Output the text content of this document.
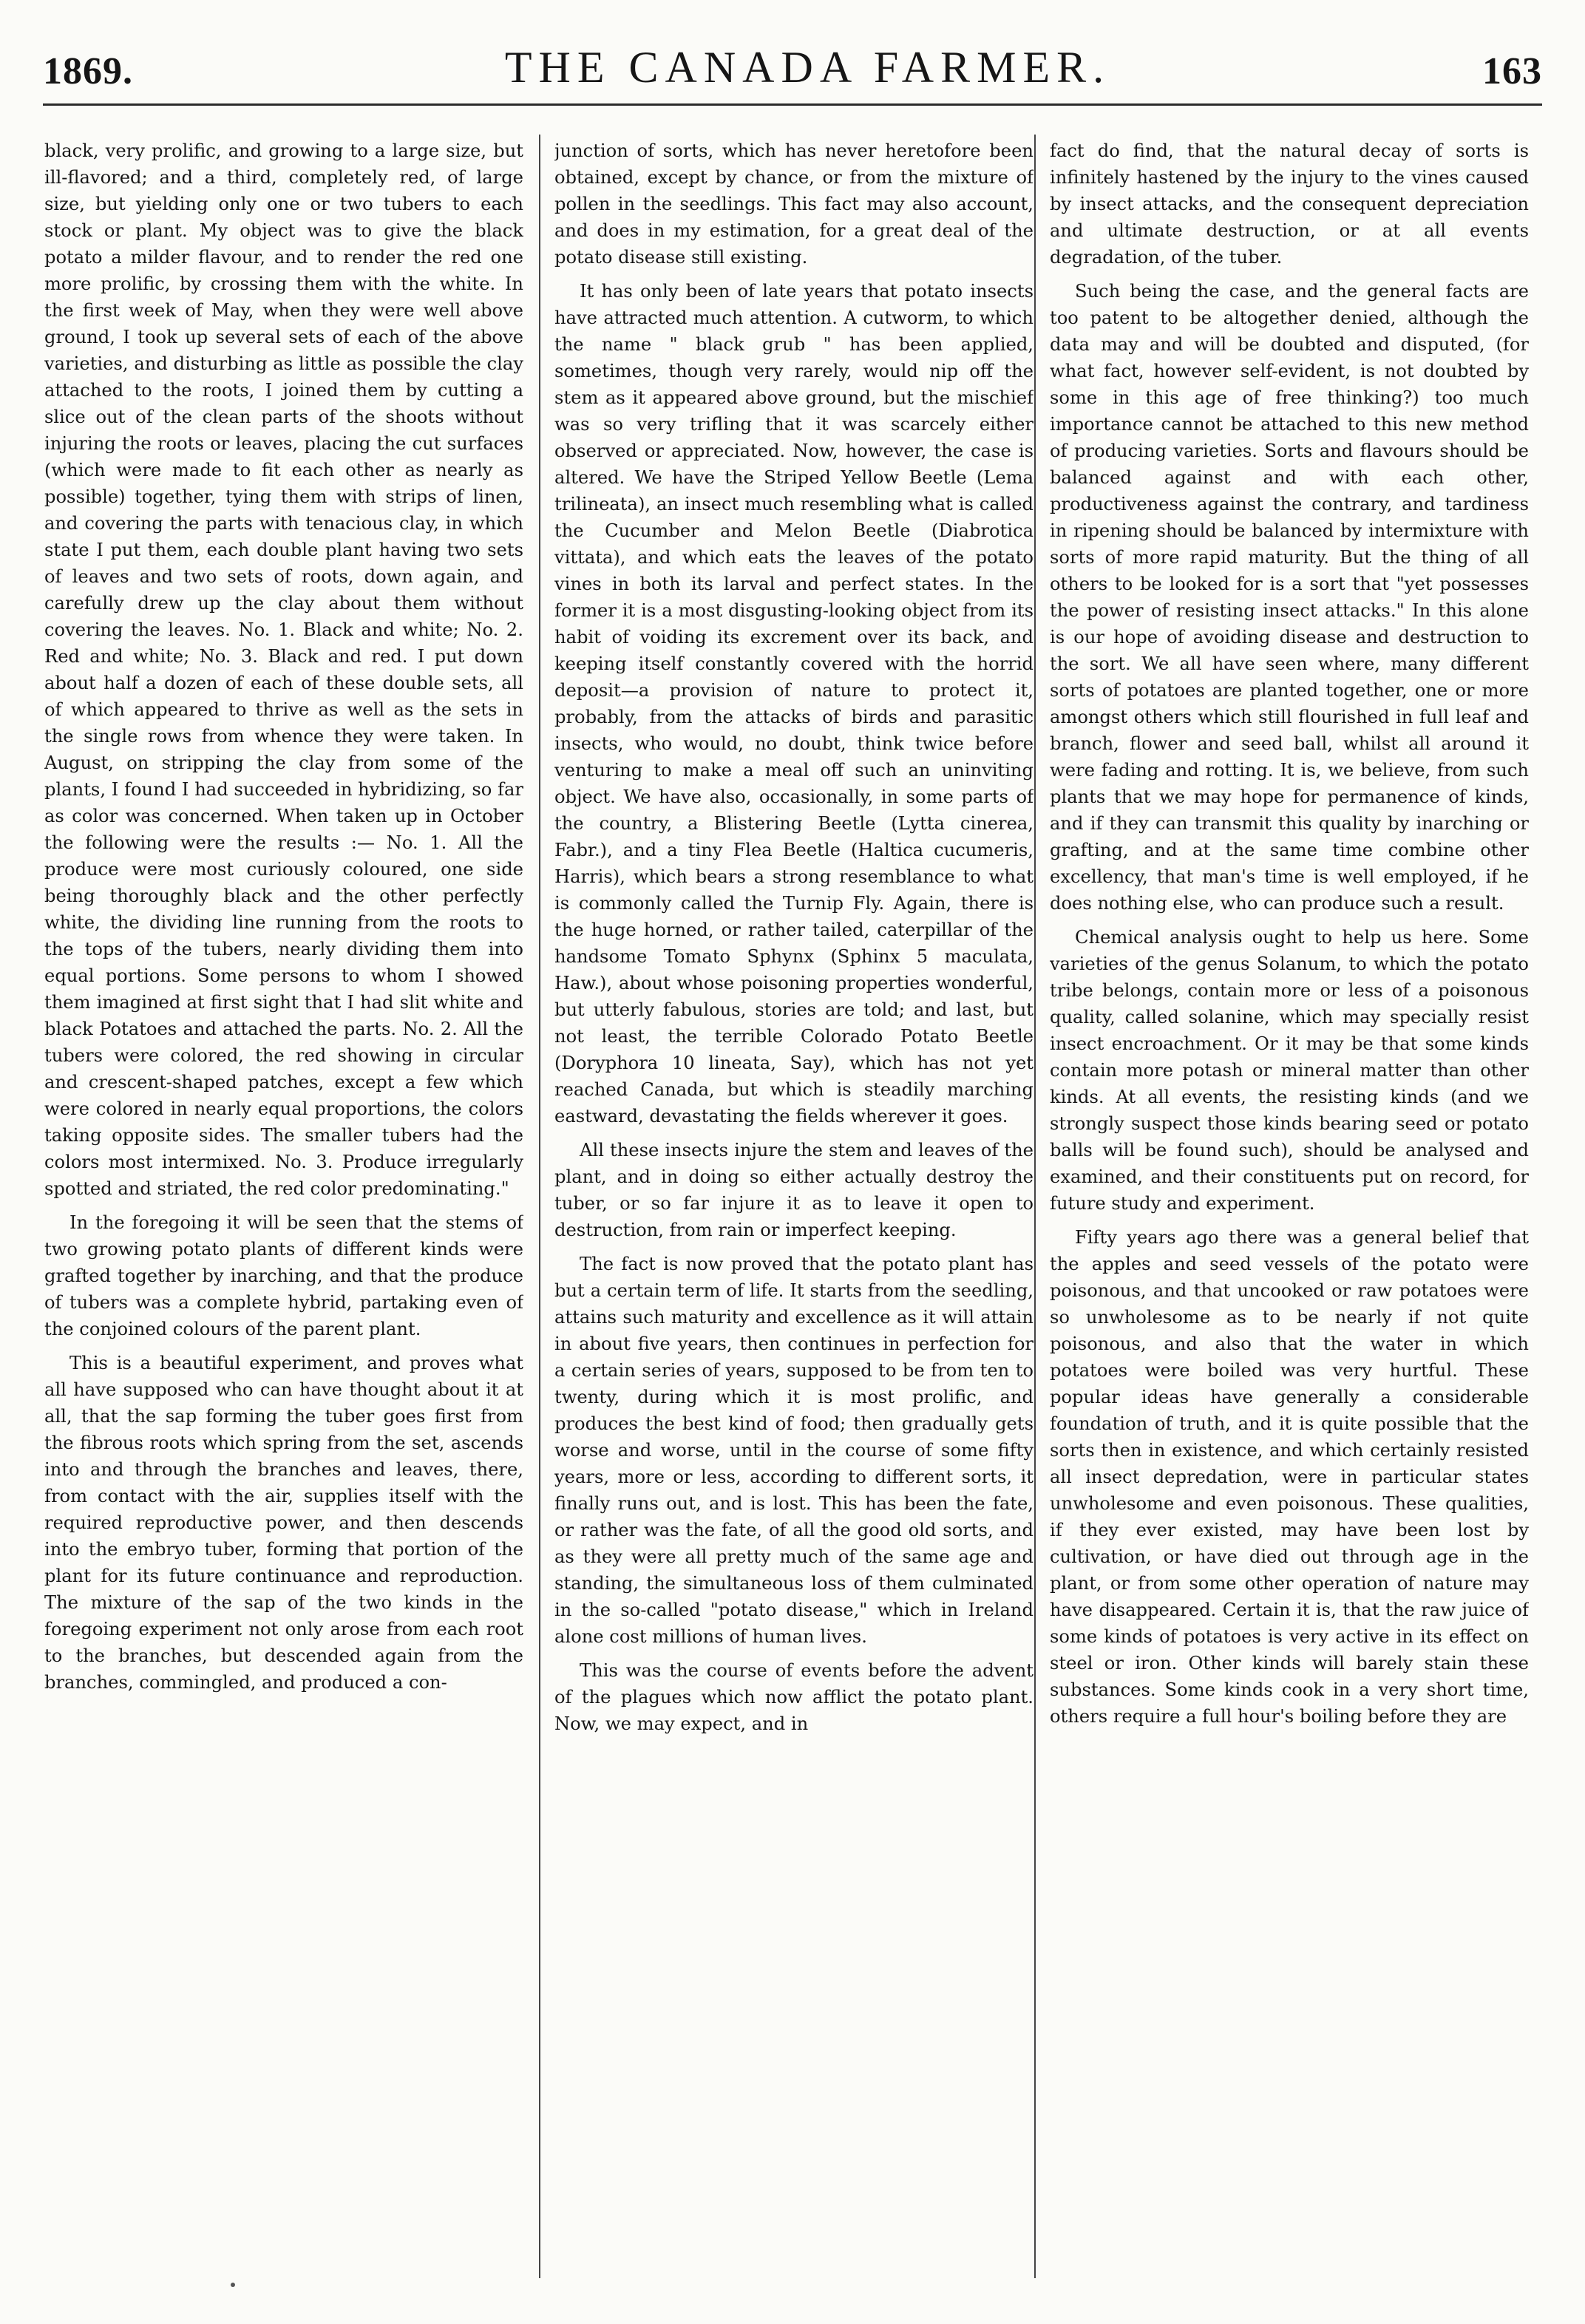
1869.	THE CANADA FARMER.	163

black, very prolific, and growing to a large size, but ill-flavored; and a third, completely red, of large size, but yielding only one or two tubers to each stock or plant. My object was to give the black potato a milder flavour, and to render the red one more prolific, by crossing them with the white. In the first week of May, when they were well above ground, I took up several sets of each of the above varieties, and disturbing as little as possible the clay attached to the roots, I joined them by cutting a slice out of the clean parts of the shoots without injuring the roots or leaves, placing the cut surfaces (which were made to fit each other as nearly as possible) together, tying them with strips of linen, and covering the parts with tenacious clay, in which state I put them, each double plant having two sets of leaves and two sets of roots, down again, and carefully drew up the clay about them without covering the leaves. No. 1. Black and white; No. 2. Red and white; No. 3. Black and red. I put down about half a dozen of each of these double sets, all of which appeared to thrive as well as the sets in the single rows from whence they were taken. In August, on stripping the clay from some of the plants, I found I had succeeded in hybridizing, so far as color was concerned. When taken up in October the following were the results :— No. 1. All the produce were most curiously coloured, one side being thoroughly black and the other perfectly white, the dividing line running from the roots to the tops of the tubers, nearly dividing them into equal portions. Some persons to whom I showed them imagined at first sight that I had slit white and black Potatoes and attached the parts. No. 2. All the tubers were colored, the red showing in circular and crescent-shaped patches, except a few which were colored in nearly equal proportions, the colors taking opposite sides. The smaller tubers had the colors most intermixed. No. 3. Produce irregularly spotted and striated, the red color predominating."

In the foregoing it will be seen that the stems of two growing potato plants of different kinds were grafted together by inarching, and that the produce of tubers was a complete hybrid, partaking even of the conjoined colours of the parent plant.

This is a beautiful experiment, and proves what all have supposed who can have thought about it at all, that the sap forming the tuber goes first from the fibrous roots which spring from the set, ascends into and through the branches and leaves, there, from contact with the air, supplies itself with the required reproductive power, and then descends into the embryo tuber, forming that portion of the plant for its future continuance and reproduction. The mixture of the sap of the two kinds in the foregoing experiment not only arose from each root to the branches, but descended again from the branches, commingled, and produced a con-

junction of sorts, which has never heretofore been obtained, except by chance, or from the mixture of pollen in the seedlings. This fact may also account, and does in my estimation, for a great deal of the potato disease still existing.

It has only been of late years that potato insects have attracted much attention. A cutworm, to which the name " black grub " has been applied, sometimes, though very rarely, would nip off the stem as it appeared above ground, but the mischief was so very trifling that it was scarcely either observed or appreciated. Now, however, the case is altered. We have the Striped Yellow Beetle (Lema trilineata), an insect much resembling what is called the Cucumber and Melon Beetle (Diabrotica vittata), and which eats the leaves of the potato vines in both its larval and perfect states. In the former it is a most disgusting-looking object from its habit of voiding its excrement over its back, and keeping itself constantly covered with the horrid deposit—a provision of nature to protect it, probably, from the attacks of birds and parasitic insects, who would, no doubt, think twice before venturing to make a meal off such an uninviting object. We have also, occasionally, in some parts of the country, a Blistering Beetle (Lytta cinerea, Fabr.), and a tiny Flea Beetle (Haltica cucumeris, Harris), which bears a strong resemblance to what is commonly called the Turnip Fly. Again, there is the huge horned, or rather tailed, caterpillar of the handsome Tomato Sphynx (Sphinx 5 maculata, Haw.), about whose poisoning properties wonderful, but utterly fabulous, stories are told; and last, but not least, the terrible Colorado Potato Beetle (Doryphora 10 lineata, Say), which has not yet reached Canada, but which is steadily marching eastward, devastating the fields wherever it goes.

All these insects injure the stem and leaves of the plant, and in doing so either actually destroy the tuber, or so far injure it as to leave it open to destruction, from rain or imperfect keeping.

The fact is now proved that the potato plant has but a certain term of life. It starts from the seedling, attains such maturity and excellence as it will attain in about five years, then continues in perfection for a certain series of years, supposed to be from ten to twenty, during which it is most prolific, and produces the best kind of food; then gradually gets worse and worse, until in the course of some fifty years, more or less, according to different sorts, it finally runs out, and is lost. This has been the fate, or rather was the fate, of all the good old sorts, and as they were all pretty much of the same age and standing, the simultaneous loss of them culminated in the so-called "potato disease," which in Ireland alone cost millions of human lives.

This was the course of events before the advent of the plagues which now afflict the potato plant. Now, we may expect, and in

fact do find, that the natural decay of sorts is infinitely hastened by the injury to the vines caused by insect attacks, and the consequent depreciation and ultimate destruction, or at all events degradation, of the tuber.

Such being the case, and the general facts are too patent to be altogether denied, although the data may and will be doubted and disputed, (for what fact, however self-evident, is not doubted by some in this age of free thinking?) too much importance cannot be attached to this new method of producing varieties. Sorts and flavours should be balanced against and with each other, productiveness against the contrary, and tardiness in ripening should be balanced by intermixture with sorts of more rapid maturity. But the thing of all others to be looked for is a sort that "yet possesses the power of resisting insect attacks." In this alone is our hope of avoiding disease and destruction to the sort. We all have seen where, many different sorts of potatoes are planted together, one or more amongst others which still flourished in full leaf and branch, flower and seed ball, whilst all around it were fading and rotting. It is, we believe, from such plants that we may hope for permanence of kinds, and if they can transmit this quality by inarching or grafting, and at the same time combine other excellency, that man's time is well employed, if he does nothing else, who can produce such a result.

Chemical analysis ought to help us here. Some varieties of the genus Solanum, to which the potato tribe belongs, contain more or less of a poisonous quality, called solanine, which may specially resist insect encroachment. Or it may be that some kinds contain more potash or mineral matter than other kinds. At all events, the resisting kinds (and we strongly suspect those kinds bearing seed or potato balls will be found such), should be analysed and examined, and their constituents put on record, for future study and experiment.

Fifty years ago there was a general belief that the apples and seed vessels of the potato were poisonous, and that uncooked or raw potatoes were so unwholesome as to be nearly if not quite poisonous, and also that the water in which potatoes were boiled was very hurtful. These popular ideas have generally a considerable foundation of truth, and it is quite possible that the sorts then in existence, and which certainly resisted all insect depredation, were in particular states unwholesome and even poisonous. These qualities, if they ever existed, may have been lost by cultivation, or have died out through age in the plant, or from some other operation of nature may have disappeared. Certain it is, that the raw juice of some kinds of potatoes is very active in its effect on steel or iron. Other kinds will barely stain these substances. Some kinds cook in a very short time, others require a full hour's boiling before they are
